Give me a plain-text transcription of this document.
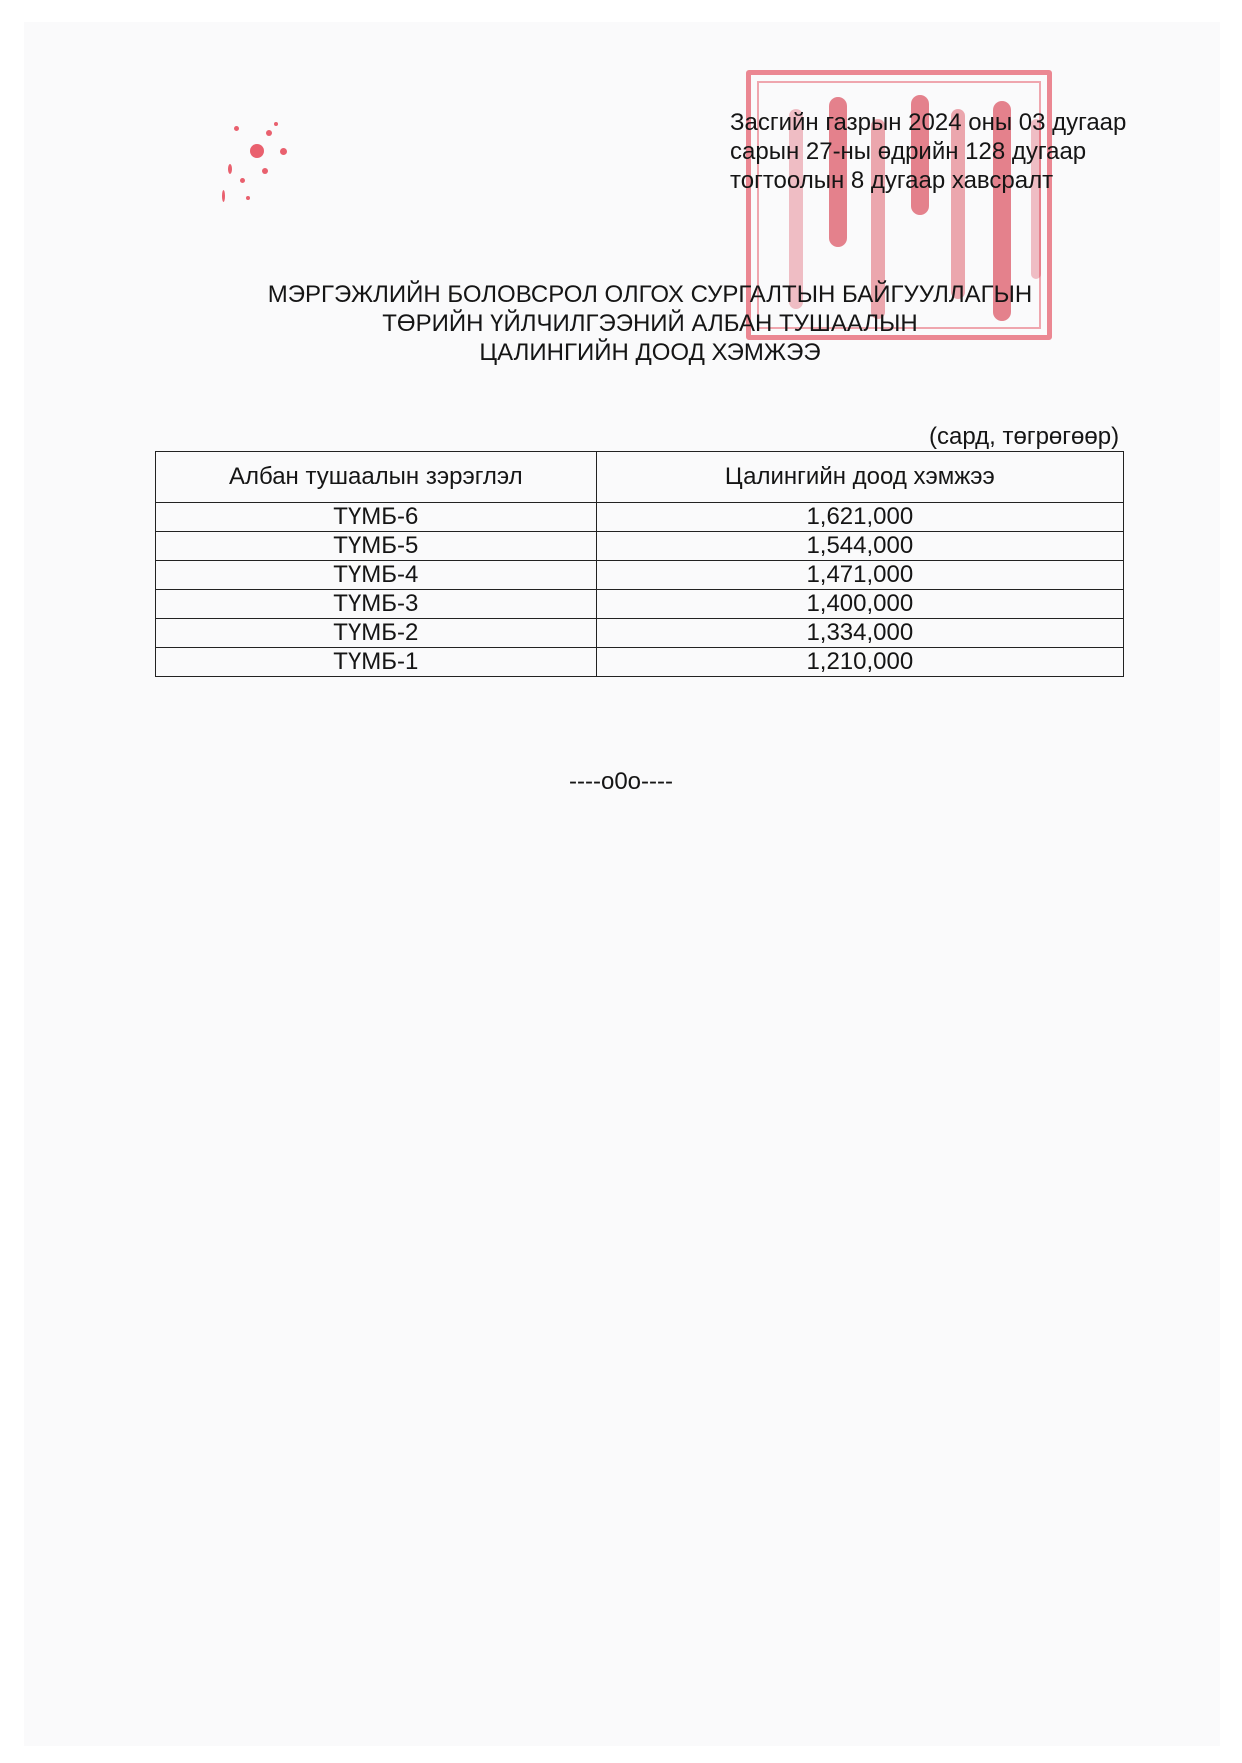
Засгийн газрын 2024 оны 03 дугаар
сарын 27-ны өдрийн 128 дугаар
тогтоолын 8 дугаар хавсралт
МЭРГЭЖЛИЙН БОЛОВСРОЛ ОЛГОХ СУРГАЛТЫН БАЙГУУЛЛАГЫН
ТӨРИЙН ҮЙЛЧИЛГЭЭНИЙ АЛБАН ТУШААЛЫН
ЦАЛИНГИЙН ДООД ХЭМЖЭЭ
(сард, төгрөгөөр)
Албан тушаалын зэрэглэл	Цалингийн доод хэмжээ
ТҮМБ-6	1,621,000
ТҮМБ-5	1,544,000
ТҮМБ-4	1,471,000
ТҮМБ-3	1,400,000
ТҮМБ-2	1,334,000
ТҮМБ-1	1,210,000
----o0o----
